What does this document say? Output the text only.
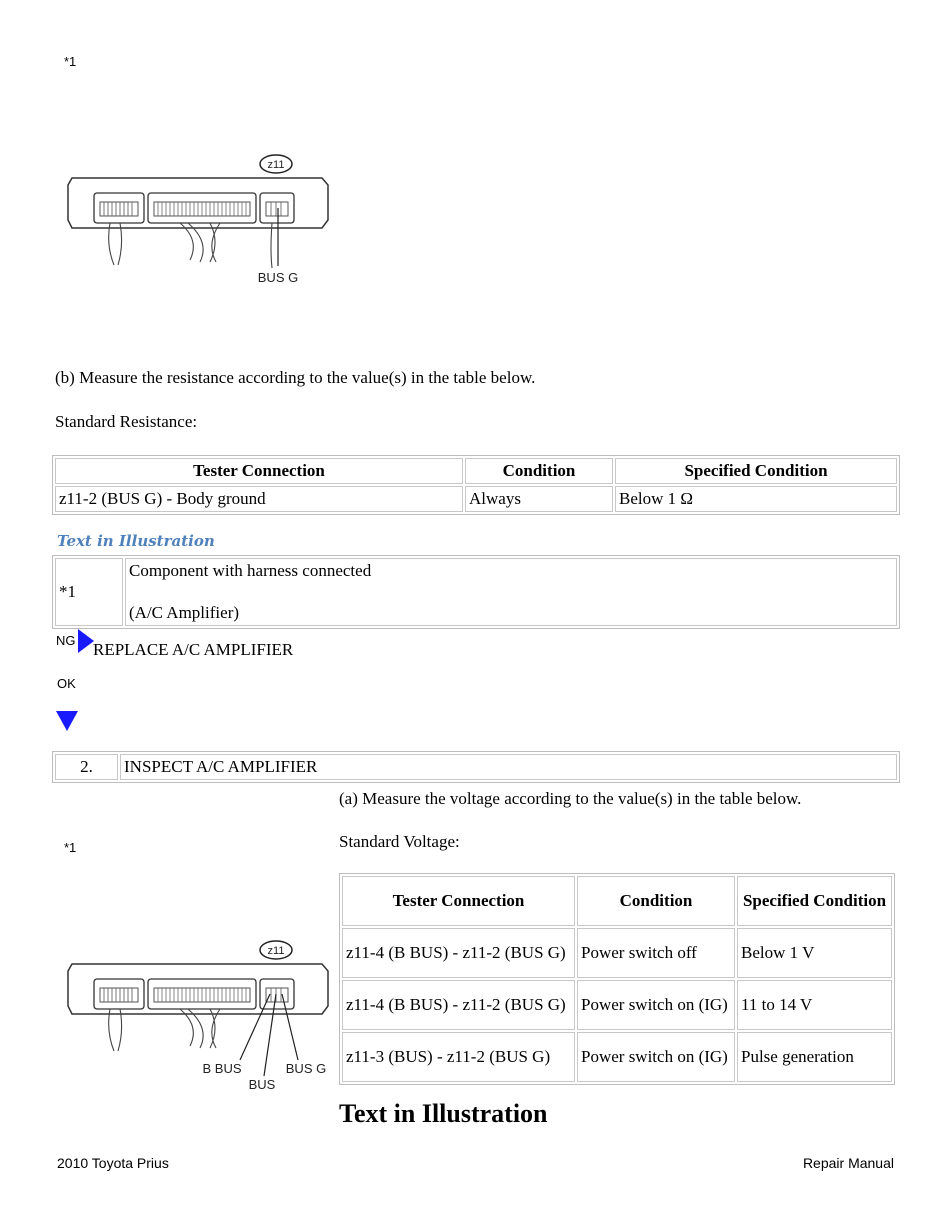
*1
z11
BUS G
(b) Measure the resistance according to the value(s) in the table below.
Standard Resistance:
Tester Connection	Condition	Specified Condition
z11-2 (BUS G) - Body ground	Always	Below 1 Ω
Text in Illustration
*1	
Component with harness connected
(A/C Amplifier)
NG REPLACE A/C AMPLIFIER
OK
2.	INSPECT A/C AMPLIFIER
(a) Measure the voltage according to the value(s) in the table below.
Standard Voltage:
*1
z11
B BUS
BUS
BUS G
Tester Connection	Condition	Specified Condition
z11-4 (B BUS) - z11-2 (BUS G)	Power switch off	Below 1 V
z11-4 (B BUS) - z11-2 (BUS G)	Power switch on (IG)	11 to 14 V
z11-3 (BUS) - z11-2 (BUS G)	Power switch on (IG)	Pulse generation
Text in Illustration
2010 Toyota Prius	Repair Manual
